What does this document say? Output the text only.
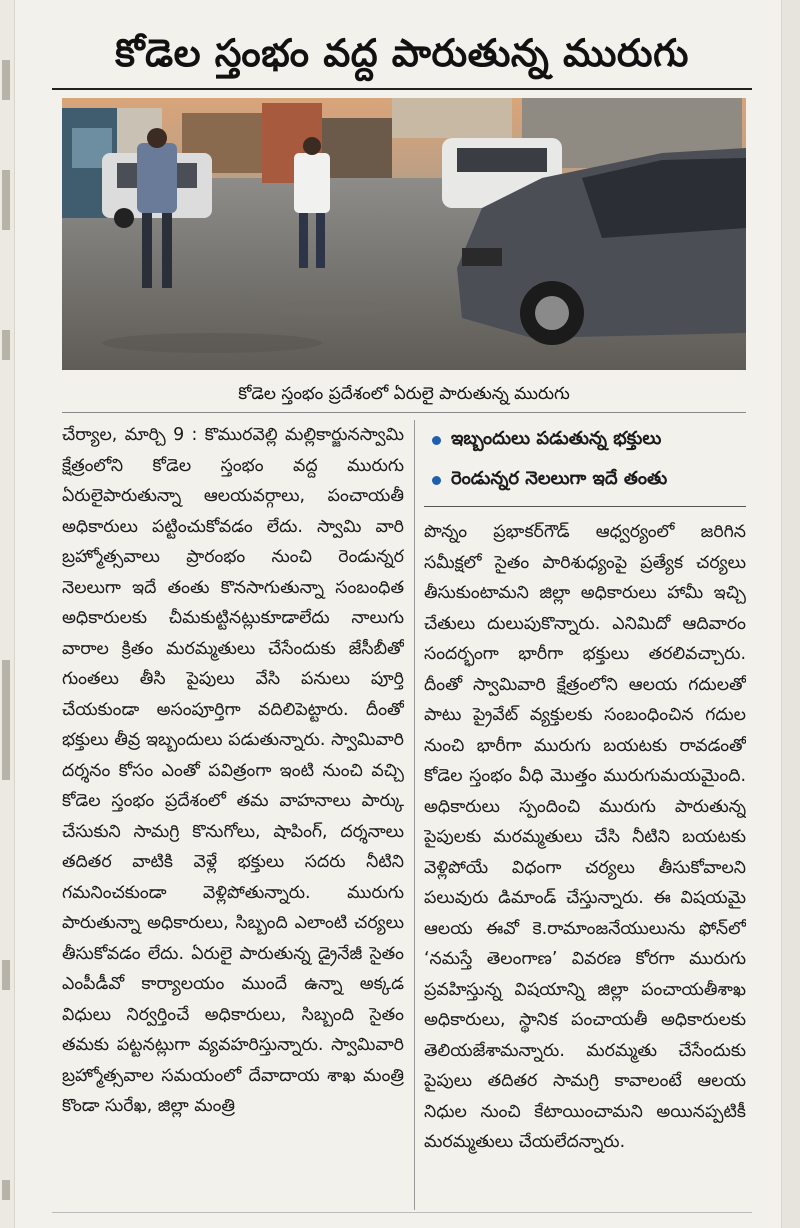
కోడెల స్తంభం వద్ద పారుతున్న మురుగు
కోడెల స్తంభం ప్రదేశంలో ఏరులై పారుతున్న మురుగు
చేర్యాల, మార్చి 9 : కొమురవెల్లి మల్లికార్జునస్వామి క్షేత్రంలోని కోడెల స్తంభం వద్ద మురుగు ఏరులైపారుతున్నా ఆలయవర్గాలు, పంచాయతీ అధికారులు పట్టించుకోవడం లేదు. స్వామి వారి బ్రహ్మోత్సవాలు ప్రారంభం నుంచి రెండున్నర నెలలుగా ఇదే తంతు కొనసాగుతున్నా సంబంధిత అధికారులకు చీమకుట్టినట్లుకూడాలేదు నాలుగు వారాల క్రితం మరమ్మతులు చేసేందుకు జేసీబీతో గుంతలు తీసి పైపులు వేసి పనులు పూర్తి చేయకుండా అసంపూర్తిగా వదిలిపెట్టారు. దీంతో భక్తులు తీవ్ర ఇబ్బందులు పడుతున్నారు. స్వామివారి దర్శనం కోసం ఎంతో పవిత్రంగా ఇంటి నుంచి వచ్చి కోడెల స్తంభం ప్రదేశంలో తమ వాహనాలు పార్కు చేసుకుని సామగ్రి కొనుగోలు, షాపింగ్, దర్శనాలు తదితర వాటికి వెళ్లే భక్తులు సదరు నీటిని గమనించకుండా వెళ్లిపోతున్నారు. మురుగు పారుతున్నా అధికారులు, సిబ్బంది ఎలాంటి చర్యలు తీసుకోవడం లేదు. ఏరులై పారుతున్న డ్రైనేజీ సైతం ఎంపీడీవో కార్యాలయం ముందే ఉన్నా అక్కడ విధులు నిర్వర్తించే అధికారులు, సిబ్బంది సైతం తమకు పట్టనట్లుగా వ్యవహరిస్తున్నారు. స్వామివారి బ్రహ్మోత్సవాల సమయంలో దేవాదాయ శాఖ మంత్రి కొండా సురేఖ, జిల్లా మంత్రి
ఇబ్బందులు పడుతున్న భక్తులు
రెండున్నర నెలలుగా ఇదే తంతు
పొన్నం ప్రభాకర్‌గౌడ్‌ ఆధ్వర్యంలో జరిగిన సమీక్షలో సైతం పారిశుధ్యంపై ప్రత్యేక చర్యలు తీసుకుంటామని జిల్లా అధికారులు హామీ ఇచ్చి చేతులు దులుపుకొన్నారు. ఎనిమిదో ఆదివారం సందర్భంగా భారీగా భక్తులు తరలివచ్చారు. దీంతో స్వామివారి క్షేత్రంలోని ఆలయ గదులతో పాటు ప్రైవేట్‌ వ్యక్తులకు సంబంధించిన గదుల నుంచి భారీగా మురుగు బయటకు రావడంతో కోడెల స్తంభం వీధి మొత్తం మురుగుమయమైంది. అధికారులు స్పందించి మురుగు పారుతున్న పైపులకు మరమ్మతులు చేసి నీటిని బయటకు వెళ్లిపోయే విధంగా చర్యలు తీసుకోవాలని పలువురు డిమాండ్‌ చేస్తున్నారు. ఈ విషయమై ఆలయ ఈవో కె.రామాంజనేయులును ఫోన్‌లో ‘నమస్తే తెలంగాణ’ వివరణ కోరగా మురుగు ప్రవహిస్తున్న విషయాన్ని జిల్లా పంచాయతీశాఖ అధికారులు, స్థానిక పంచాయతీ అధికారులకు తెలియజేశామన్నారు. మరమ్మతు చేసేందుకు పైపులు తదితర సామగ్రి కావాలంటే ఆలయ నిధుల నుంచి కేటాయించామని అయినప్పటికీ మరమ్మతులు చేయలేదన్నారు.
